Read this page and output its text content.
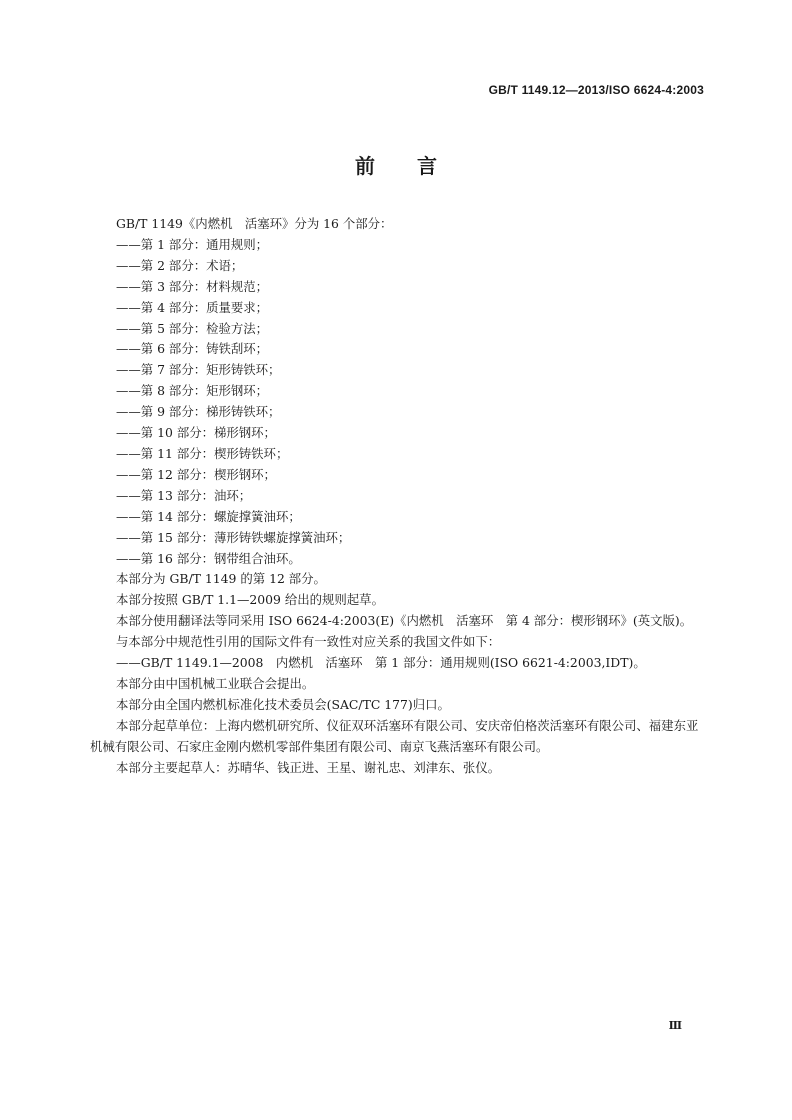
GB/T 1149.12—2013/ISO 6624-4:2003
前言

GB/T 1149《内燃机　活塞环》分为 16 个部分：

——第 1 部分：通用规则；

——第 2 部分：术语；

——第 3 部分：材料规范；

——第 4 部分：质量要求；

——第 5 部分：检验方法；

——第 6 部分：铸铁刮环；

——第 7 部分：矩形铸铁环；

——第 8 部分：矩形钢环；

——第 9 部分：梯形铸铁环；

——第 10 部分：梯形钢环；

——第 11 部分：楔形铸铁环；

——第 12 部分：楔形钢环；

——第 13 部分：油环；

——第 14 部分：螺旋撑簧油环；

——第 15 部分：薄形铸铁螺旋撑簧油环；

——第 16 部分：钢带组合油环。

本部分为 GB/T 1149 的第 12 部分。

本部分按照 GB/T 1.1—2009 给出的规则起草。

本部分使用翻译法等同采用 ISO 6624-4:2003(E)《内燃机　活塞环　第 4 部分：楔形钢环》(英文版)。

与本部分中规范性引用的国际文件有一致性对应关系的我国文件如下：

——GB/T 1149.1—2008　内燃机　活塞环　第 1 部分：通用规则(ISO 6621-4:2003,IDT)。

本部分由中国机械工业联合会提出。

本部分由全国内燃机标准化技术委员会(SAC/TC 177)归口。

本部分起草单位：上海内燃机研究所、仪征双环活塞环有限公司、安庆帝伯格茨活塞环有限公司、福建东亚机械有限公司、石家庄金刚内燃机零部件集团有限公司、南京飞燕活塞环有限公司。

本部分主要起草人：苏晴华、钱正进、王星、谢礼忠、刘津东、张仪。

Ⅲ
